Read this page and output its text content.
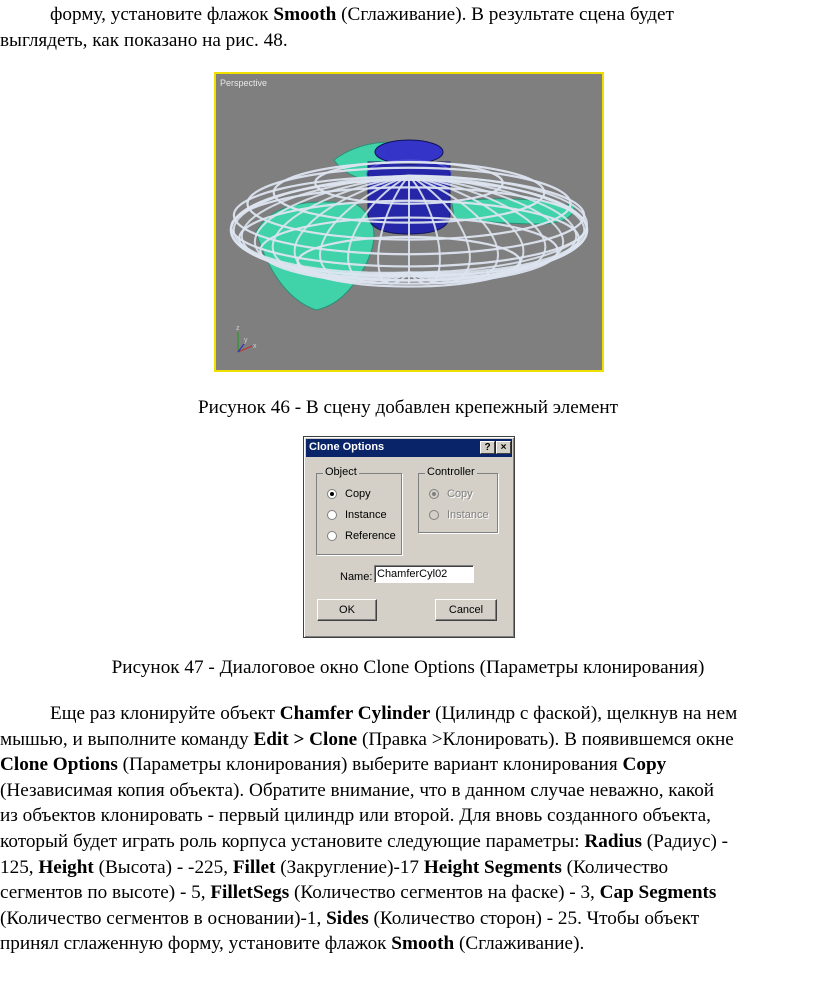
форму, установите флажок Smooth (Сглаживание). В результате сцена будет
выглядеть, как показано на рис. 48.
Perspective
z
x
y
Рисунок 46 - В сцену добавлен крепежный элемент
Clone Options	?	×
Object
Copy
Instance
Reference
Controller
Copy
Instance
Name: ChamferCyl02
OK	Cancel
Рисунок 47 - Диалоговое окно Clone Options (Параметры клонирования)
Еще раз клонируйте объект Chamfer Cylinder (Цилиндр с фаской), щелкнув на нем
мышью, и выполните команду Edit > Clone (Правка >Клонировать). В появившемся окне
Clone Options (Параметры клонирования) выберите вариант клонирования Copy
(Независимая копия объекта). Обратите внимание, что в данном случае неважно, какой
из объектов клонировать - первый цилиндр или второй. Для вновь созданного объекта,
который будет играть роль корпуса установите следующие параметры: Radius (Радиус) -
125, Height (Высота) - -225, Fillet (Закругление)-17 Height Segments (Количество
сегментов по высоте) - 5, FilletSegs (Количество сегментов на фаске) - 3, Cap Segments
(Количество сегментов в основании)-1, Sides (Количество сторон) - 25. Чтобы объект
принял сглаженную форму, установите флажок Smooth (Сглаживание).
